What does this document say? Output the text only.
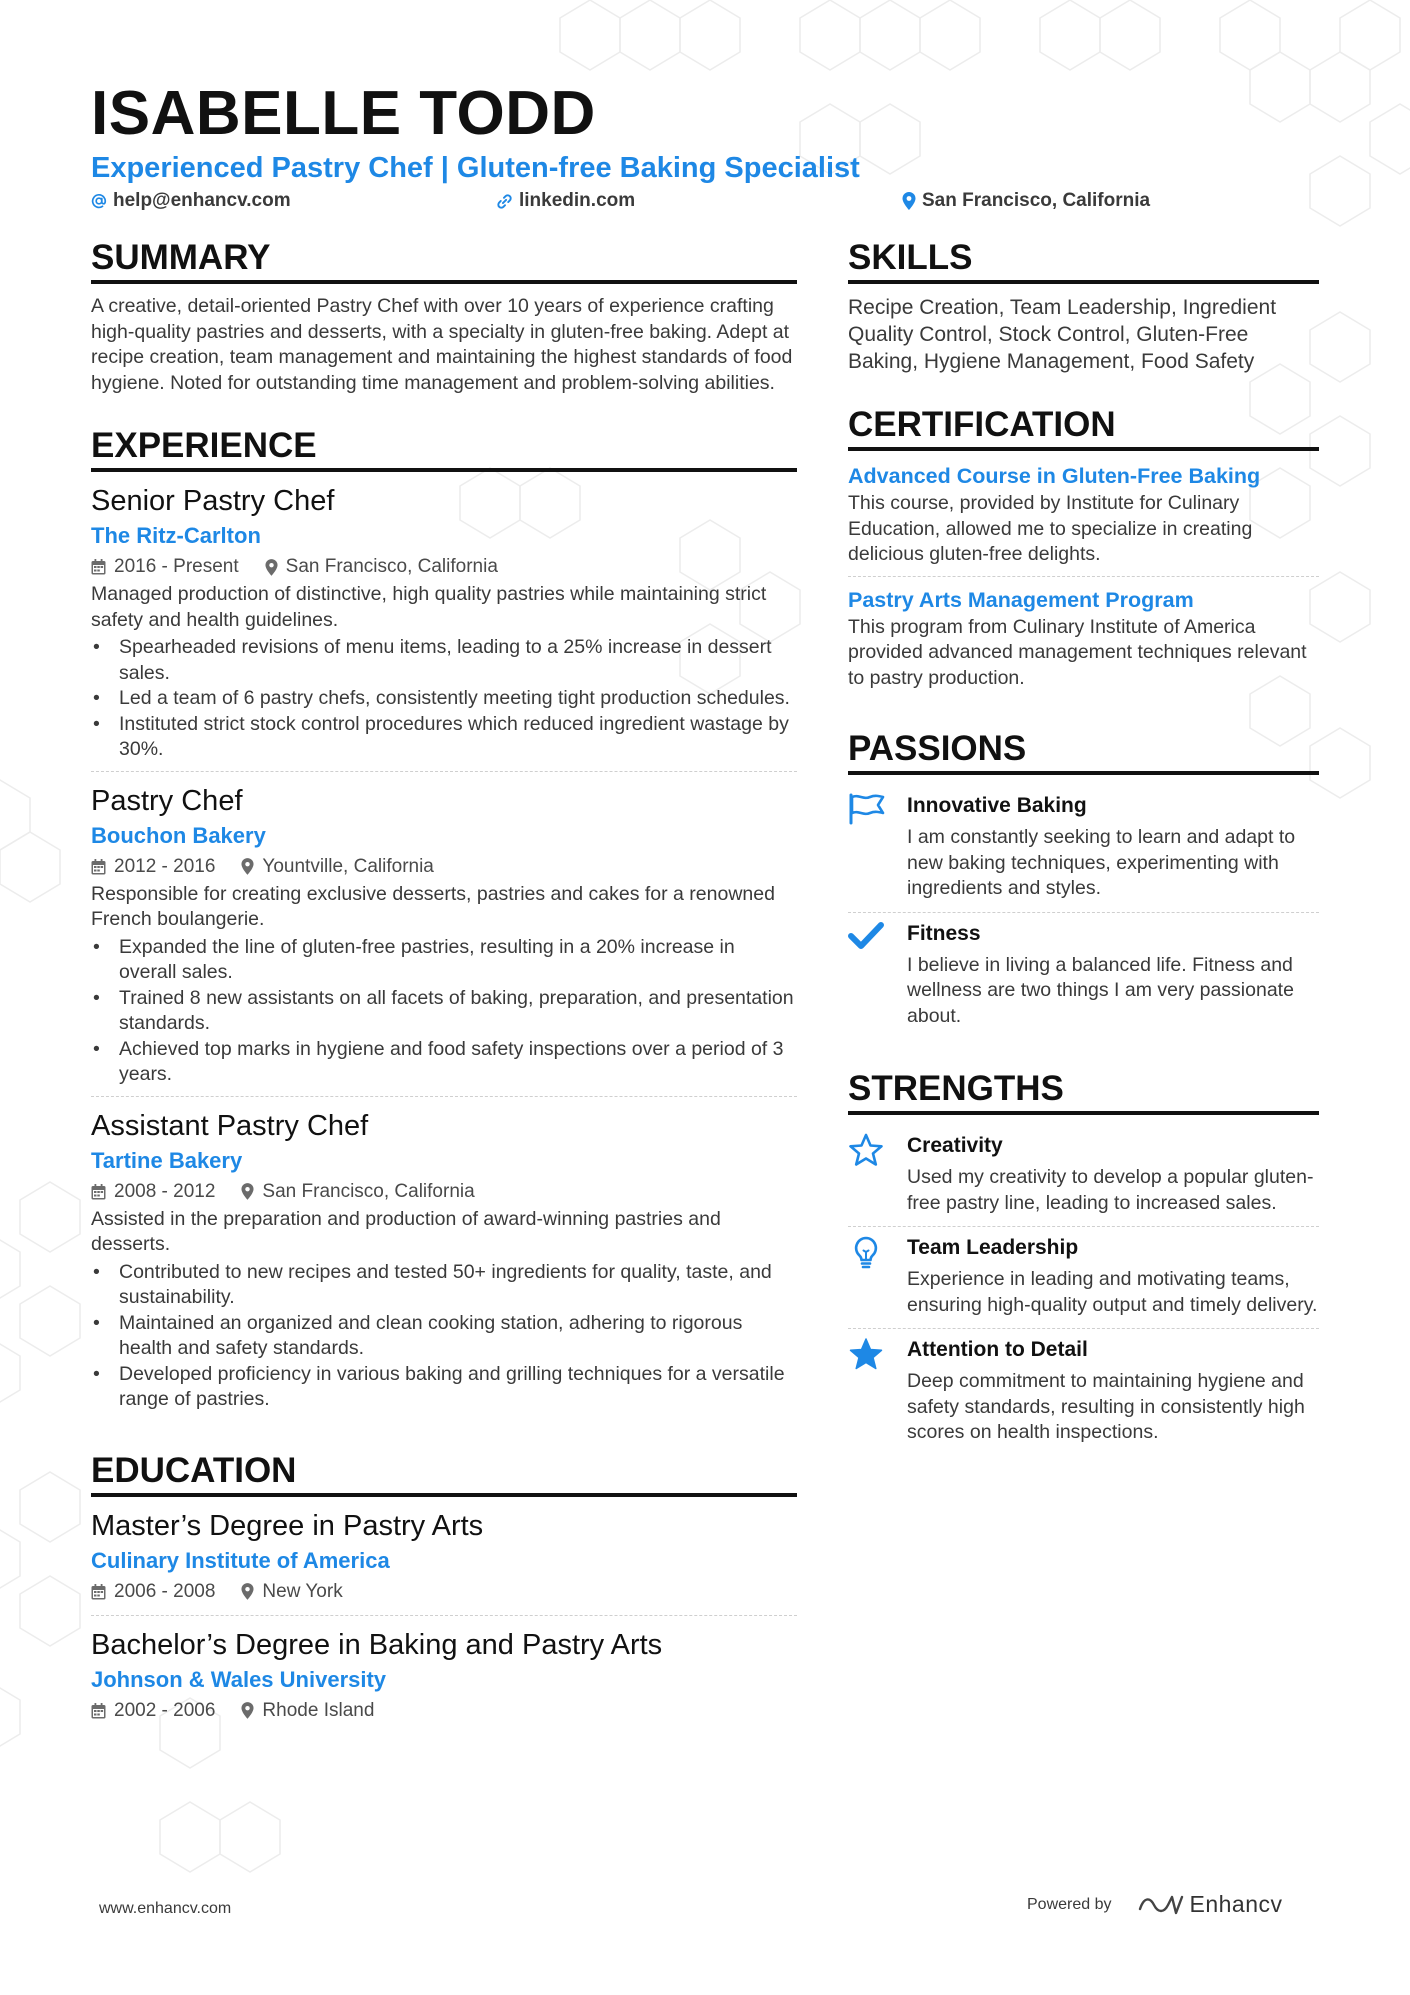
ISABELLE TODD
Experienced Pastry Chef | Gluten-free Baking Specialist
help@enhancv.com	linkedin.com	San Francisco, California
SUMMARY
A creative, detail-oriented Pastry Chef with over 10 years of experience crafting high-quality pastries and desserts, with a specialty in gluten-free baking. Adept at recipe creation, team management and maintaining the highest standards of food hygiene. Noted for outstanding time management and problem-solving abilities.
EXPERIENCE
Senior Pastry Chef
The Ritz-Carlton
2016 - Present San Francisco, California
Managed production of distinctive, high quality pastries while maintaining strict safety and health guidelines.
• Spearheaded revisions of menu items, leading to a 25% increase in dessert sales.
• Led a team of 6 pastry chefs, consistently meeting tight production schedules.
• Instituted strict stock control procedures which reduced ingredient wastage by 30%.
Pastry Chef
Bouchon Bakery
2012 - 2016 Yountville, California
Responsible for creating exclusive desserts, pastries and cakes for a renowned French boulangerie.
• Expanded the line of gluten-free pastries, resulting in a 20% increase in overall sales.
• Trained 8 new assistants on all facets of baking, preparation, and presentation standards.
• Achieved top marks in hygiene and food safety inspections over a period of 3 years.
Assistant Pastry Chef
Tartine Bakery
2008 - 2012 San Francisco, California
Assisted in the preparation and production of award-winning pastries and desserts.
• Contributed to new recipes and tested 50+ ingredients for quality, taste, and sustainability.
• Maintained an organized and clean cooking station, adhering to rigorous health and safety standards.
• Developed proficiency in various baking and grilling techniques for a versatile range of pastries.
EDUCATION
Master’s Degree in Pastry Arts
Culinary Institute of America
2006 - 2008 New York
Bachelor’s Degree in Baking and Pastry Arts
Johnson & Wales University
2002 - 2006 Rhode Island
SKILLS
Recipe Creation, Team Leadership, Ingredient Quality Control, Stock Control, Gluten-Free Baking, Hygiene Management, Food Safety
CERTIFICATION
Advanced Course in Gluten-Free Baking
This course, provided by Institute for Culinary Education, allowed me to specialize in creating delicious gluten-free delights.
Pastry Arts Management Program
This program from Culinary Institute of America provided advanced management techniques relevant to pastry production.
PASSIONS
Innovative Baking
I am constantly seeking to learn and adapt to new baking techniques, experimenting with ingredients and styles.
Fitness
I believe in living a balanced life. Fitness and wellness are two things I am very passionate about.
STRENGTHS
Creativity
Used my creativity to develop a popular gluten-free pastry line, leading to increased sales.
Team Leadership
Experience in leading and motivating teams, ensuring high-quality output and timely delivery.
Attention to Detail
Deep commitment to maintaining hygiene and safety standards, resulting in consistently high scores on health inspections.
www.enhancv.com	Powered by	Enhancv
